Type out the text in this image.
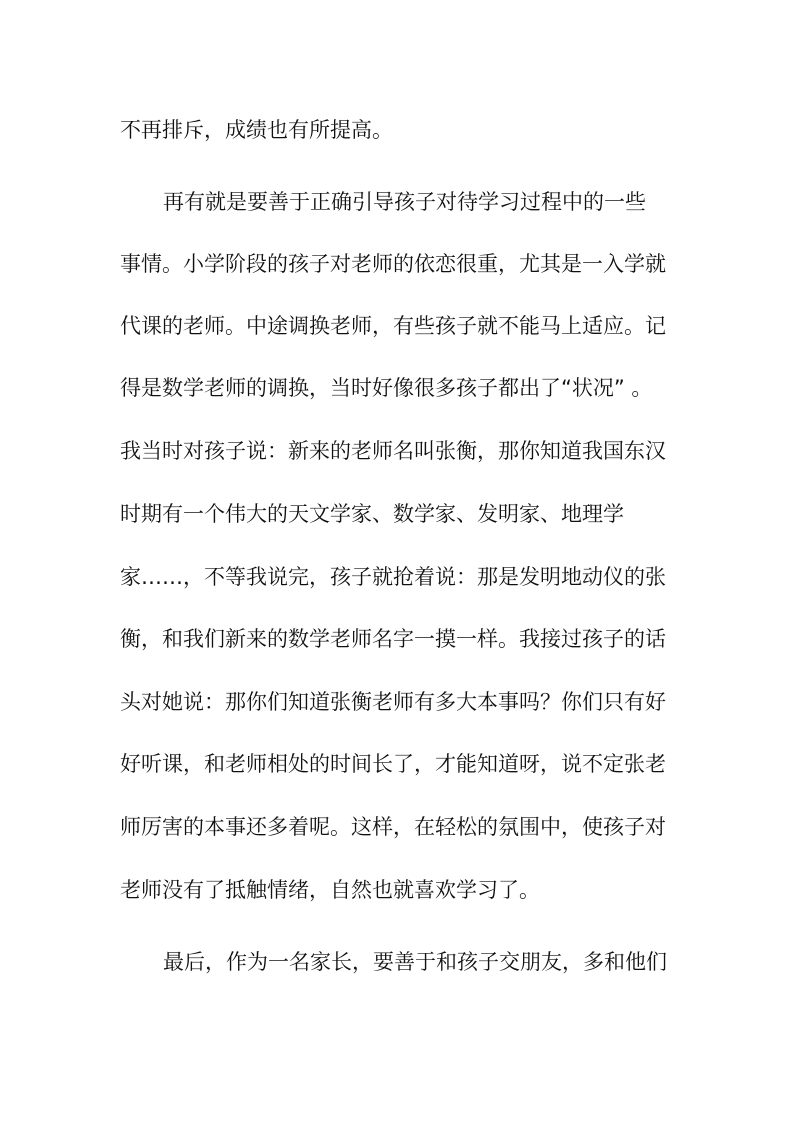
不再排斥，成绩也有所提高。
再有就是要善于正确引导孩子对待学习过程中的一些
事情。小学阶段的孩子对老师的依恋很重，尤其是一入学就
代课的老师。中途调换老师，有些孩子就不能马上适应。记
得是数学老师的调换，当时好像很多孩子都出了“状况” 。
我当时对孩子说：新来的老师名叫张衡，那你知道我国东汉
时期有一个伟大的天文学家、数学家、发明家、地理学
家……，不等我说完，孩子就抢着说：那是发明地动仪的张
衡，和我们新来的数学老师名字一摸一样。我接过孩子的话
头对她说：那你们知道张衡老师有多大本事吗？你们只有好
好听课，和老师相处的时间长了，才能知道呀，说不定张老
师厉害的本事还多着呢。这样，在轻松的氛围中，使孩子对
老师没有了抵触情绪，自然也就喜欢学习了。
最后，作为一名家长，要善于和孩子交朋友，多和他们
